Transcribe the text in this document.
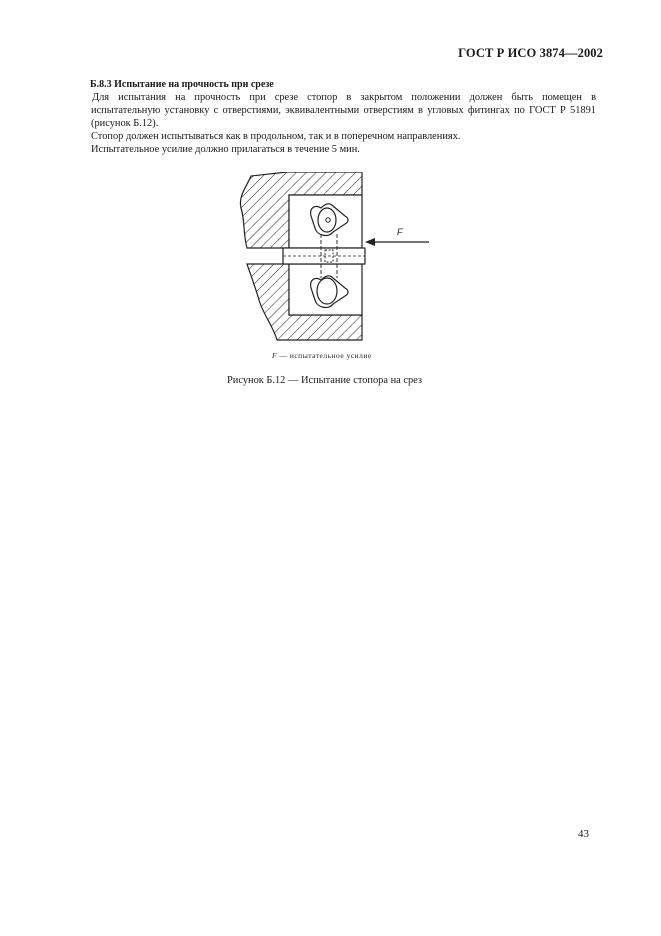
ГОСТ Р ИСО 3874—2002
Б.8.3 Испытание на прочность при срезе
Для испытания на прочность при срезе стопор в закрытом положении должен быть помещен в
испытательную установку с отверстиями, эквивалентными отверстиям в угловых фитингах по ГОСТ Р 51891
(рисунок Б.12).
Стопор должен испытываться как в продольном, так и в поперечном направлениях.
Испытательное усилие должно прилагаться в течение 5 мин.
F
F — испытательное усилие
Рисунок Б.12 — Испытание стопора на срез
43
